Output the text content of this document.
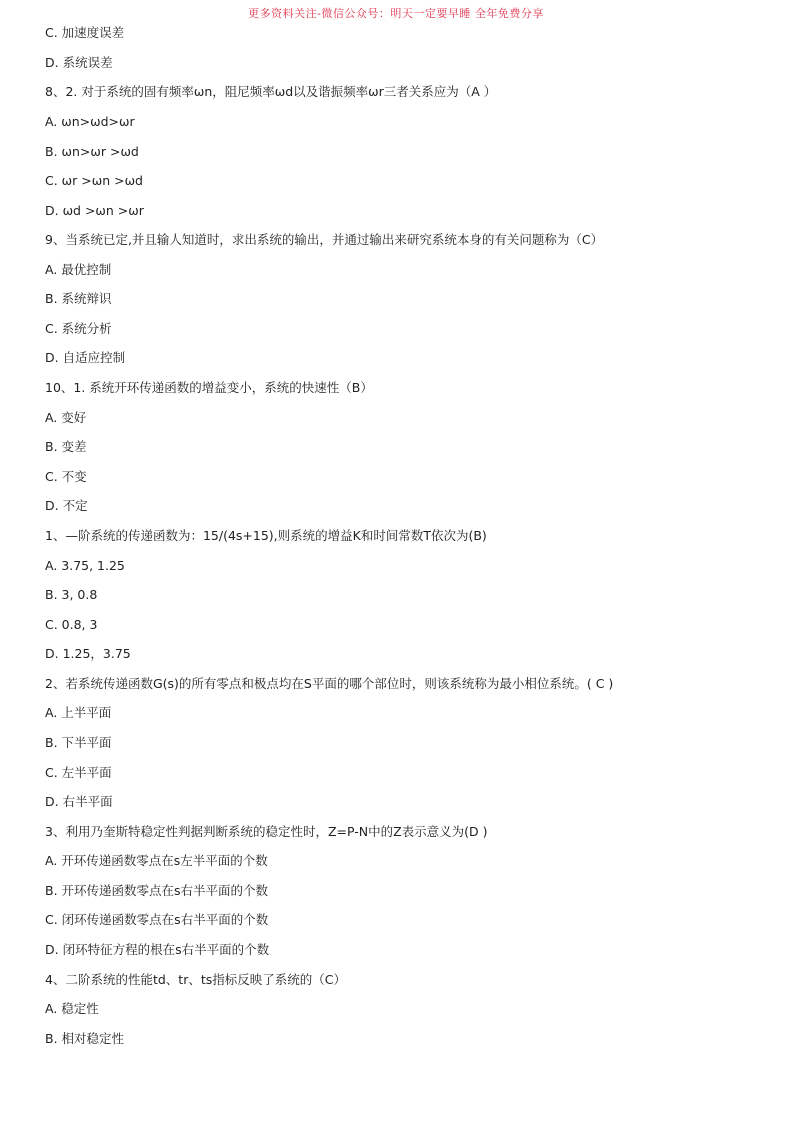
更多资料关注-微信公众号：明天一定要早睡 全年免费分享
C. 加速度误差
D. 系统误差
8、2. 对于系统的固有频率ωn，阻尼频率ωd以及谐振频率ωr三者关系应为（A ）
A. ωn>ωd>ωr
B. ωn>ωr >ωd
C. ωr >ωn >ωd
D. ωd >ωn >ωr
9、当系统已定,并且输人知道时，求出系统的输出，并通过输出来研究系统本身的有关问题称为（C）
A. 最优控制
B. 系统辩识
C. 系统分析
D. 自适应控制
10、1. 系统开环传递函数的增益变小，系统的快速性（B）
A. 变好
B. 变差
C. 不变
D. 不定
1、—阶系统的传递函数为：15/(4s+15),则系统的增益K和时间常数T依次为(B)
A. 3.75, 1.25
B. 3, 0.8
C. 0.8, 3
D. 1.25，3.75
2、若系统传递函数G(s)的所有零点和极点均在S平面的哪个部位时，则该系统称为最小相位系统。( C )
A. 上半平面
B. 下半平面
C. 左半平面
D. 右半平面
3、利用乃奎斯特稳定性判据判断系统的稳定性时，Z=P-N中的Z表示意义为(D )
A. 开环传递函数零点在s左半平面的个数
B. 开环传递函数零点在s右半平面的个数
C. 闭环传递函数零点在s右半平面的个数
D. 闭环特征方程的根在s右半平面的个数
4、二阶系统的性能td、tr、ts指标反映了系统的（C）
A. 稳定性
B. 相对稳定性
